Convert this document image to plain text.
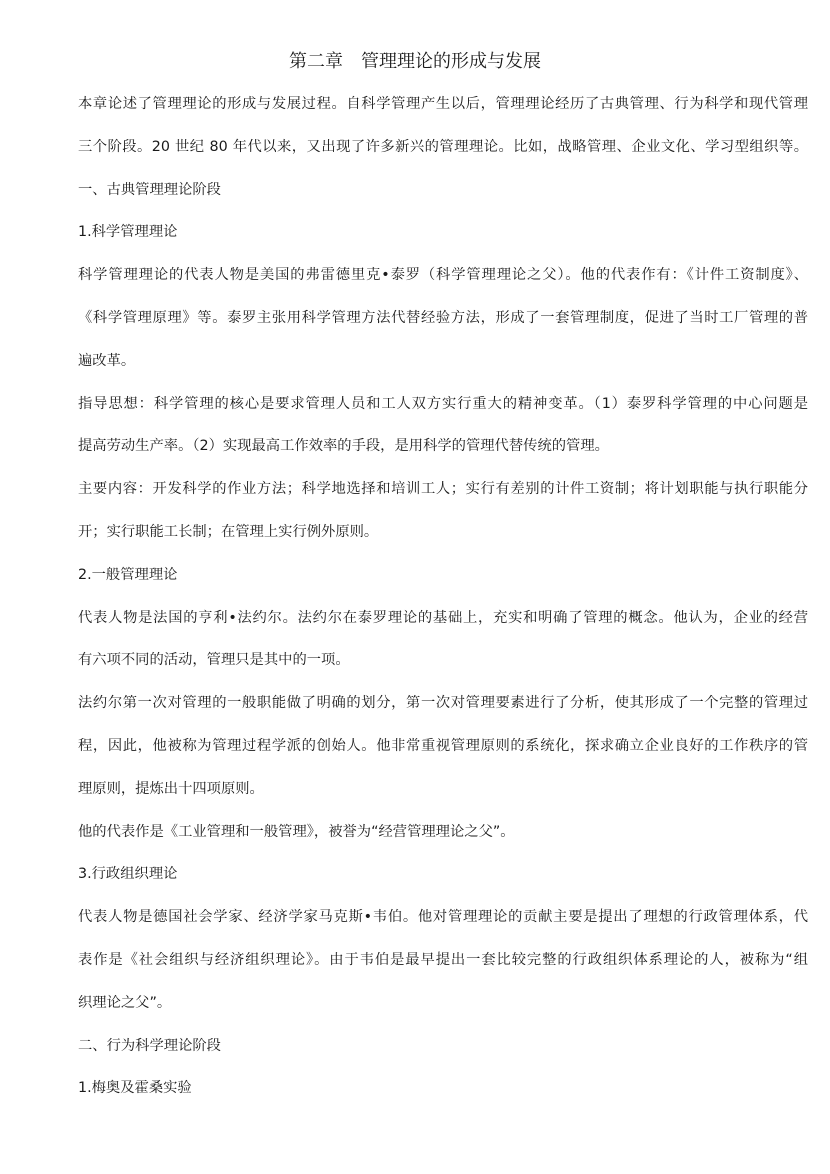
第二章　管理理论的形成与发展
本章论述了管理理论的形成与发展过程。自科学管理产生以后，管理理论经历了古典管理、行为科学和现代管理
三个阶段。20 世纪 80 年代以来，又出现了许多新兴的管理理论。比如，战略管理、企业文化、学习型组织等。
一、古典管理理论阶段
1.科学管理理论
科学管理理论的代表人物是美国的弗雷德里克•泰罗（科学管理理论之父）。他的代表作有：《计件工资制度》、
《科学管理原理》等。泰罗主张用科学管理方法代替经验方法，形成了一套管理制度，促进了当时工厂管理的普
遍改革。
指导思想：科学管理的核心是要求管理人员和工人双方实行重大的精神变革。（1）泰罗科学管理的中心问题是
提高劳动生产率。（2）实现最高工作效率的手段，是用科学的管理代替传统的管理。
主要内容：开发科学的作业方法；科学地选择和培训工人；实行有差别的计件工资制；将计划职能与执行职能分
开；实行职能工长制；在管理上实行例外原则。
2.一般管理理论
代表人物是法国的亨利•法约尔。法约尔在泰罗理论的基础上，充实和明确了管理的概念。他认为，企业的经营
有六项不同的活动，管理只是其中的一项。
法约尔第一次对管理的一般职能做了明确的划分，第一次对管理要素进行了分析，使其形成了一个完整的管理过
程，因此，他被称为管理过程学派的创始人。他非常重视管理原则的系统化，探求确立企业良好的工作秩序的管
理原则，提炼出十四项原则。
他的代表作是《工业管理和一般管理》，被誉为“经营管理理论之父”。
3.行政组织理论
代表人物是德国社会学家、经济学家马克斯•韦伯。他对管理理论的贡献主要是提出了理想的行政管理体系，代
表作是《社会组织与经济组织理论》。由于韦伯是最早提出一套比较完整的行政组织体系理论的人，被称为“组
织理论之父”。
二、行为科学理论阶段
1.梅奥及霍桑实验
